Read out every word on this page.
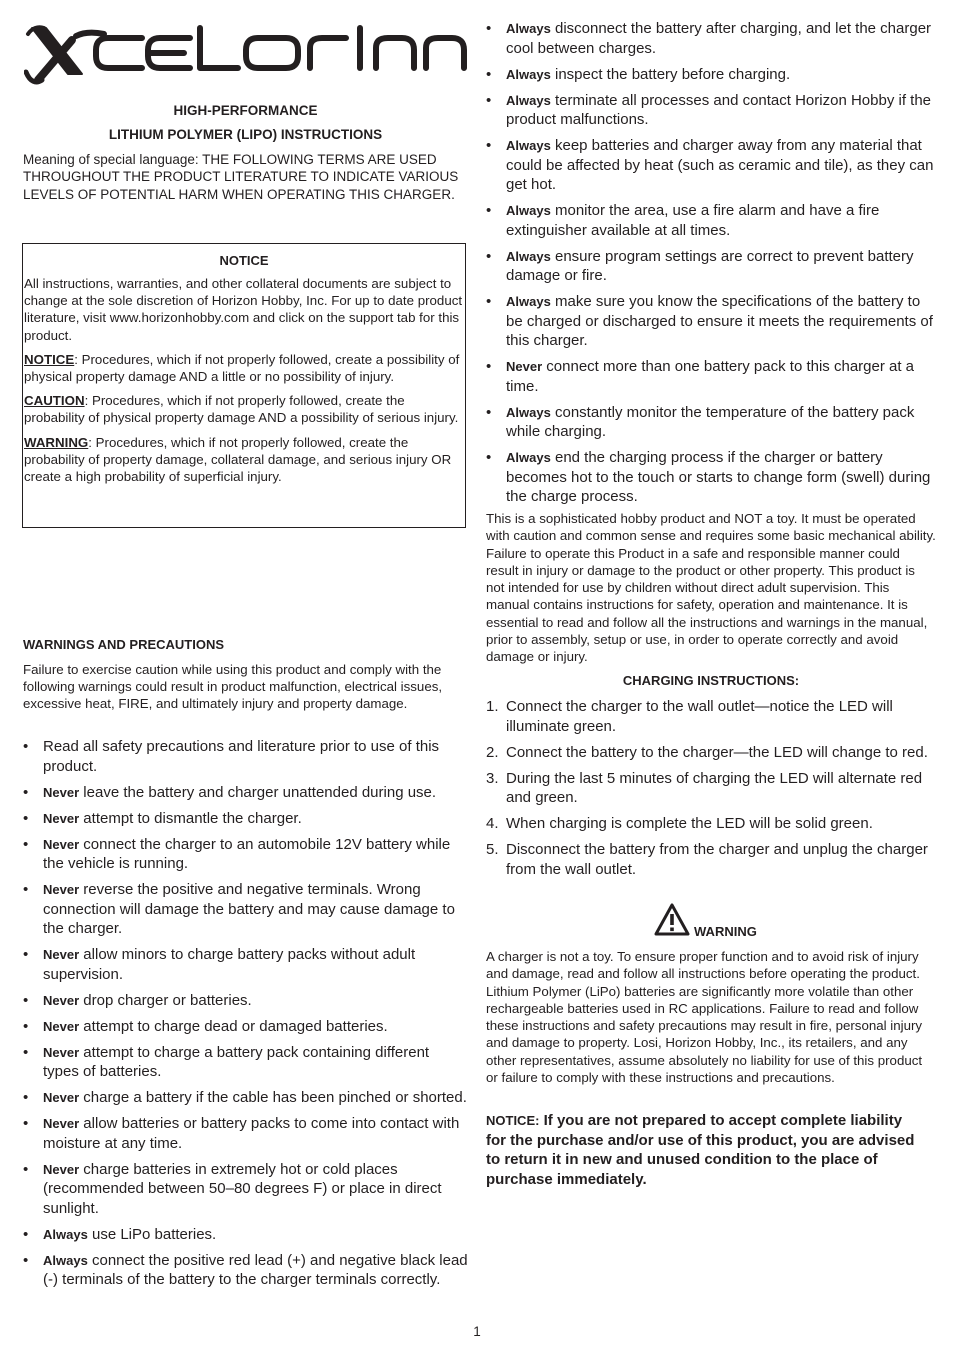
HIGH-PERFORMANCE
LITHIUM POLYMER (LIPO) INSTRUCTIONS

Meaning of special language: THE FOLLOWING TERMS ARE USED THROUGHOUT THE PRODUCT LITERATURE TO INDICATE VARIOUS LEVELS OF POTENTIAL HARM WHEN OPERATING THIS CHARGER.

NOTICE

All instructions, warranties, and other collateral documents are subject to change at the sole discretion of Horizon Hobby, Inc. For up to date product literature, visit www.horizonhobby.com and click on the support tab for this product.

NOTICE: Procedures, which if not properly followed, create a possibility of physical property damage AND a little or no possibility of injury.

CAUTION: Procedures, which if not properly followed, create the probability of physical property damage AND a possibility of serious injury.

WARNING: Procedures, which if not properly followed, create the probability of property damage, collateral damage, and serious injury OR create a high probability of superficial injury.

WARNINGS AND PRECAUTIONS

Failure to exercise caution while using this product and comply with the following warnings could result in product malfunction, electrical issues, excessive heat, FIRE, and ultimately injury and property damage.

• Read all safety precautions and literature prior to use of this product.
• Never leave the battery and charger unattended during use.
• Never attempt to dismantle the charger.
• Never connect the charger to an automobile 12V battery while the vehicle is running.
• Never reverse the positive and negative terminals. Wrong connection will damage the battery and may cause damage to the charger.
• Never allow minors to charge battery packs without adult supervision.
• Never drop charger or batteries.
• Never attempt to charge dead or damaged batteries.
• Never attempt to charge a battery pack containing different types of batteries.
• Never charge a battery if the cable has been pinched or shorted.
• Never allow batteries or battery packs to come into contact with moisture at any time.
• Never charge batteries in extremely hot or cold places (recommended between 50–80 degrees F) or place in direct sunlight.
• Always use LiPo batteries.
• Always connect the positive red lead (+) and negative black lead (-) terminals of the battery to the charger terminals correctly.
• Always disconnect the battery after charging, and let the charger cool between charges.
• Always inspect the battery before charging.
• Always terminate all processes and contact Horizon Hobby if the product malfunctions.
• Always keep batteries and charger away from any material that could be affected by heat (such as ceramic and tile), as they can get hot.
• Always monitor the area, use a fire alarm and have a fire extinguisher available at all times.
• Always ensure program settings are correct to prevent battery damage or fire.
• Always make sure you know the specifications of the battery to be charged or discharged to ensure it meets the requirements of this charger.
• Never connect more than one battery pack to this charger at a time.
• Always constantly monitor the temperature of the battery pack while charging.
• Always end the charging process if the charger or battery becomes hot to the touch or starts to change form (swell) during the charge process.

This is a sophisticated hobby product and NOT a toy. It must be operated with caution and common sense and requires some basic mechanical ability. Failure to operate this Product in a safe and responsible manner could result in injury or damage to the product or other property. This product is not intended for use by children without direct adult supervision. This manual contains instructions for safety, operation and maintenance. It is essential to read and follow all the instructions and warnings in the manual, prior to assembly, setup or use, in order to operate correctly and avoid damage or injury.

CHARGING INSTRUCTIONS:

1. Connect the charger to the wall outlet—notice the LED will illuminate green.
2. Connect the battery to the charger—the LED will change to red.
3. During the last 5 minutes of charging the LED will alternate red and green.
4. When charging is complete the LED will be solid green.
5. Disconnect the battery from the charger and unplug the charger from the wall outlet.
WARNING

A charger is not a toy. To ensure proper function and to avoid risk of injury and damage, read and follow all instructions before operating the product. Lithium Polymer (LiPo) batteries are significantly more volatile than other rechargeable batteries used in RC applications. Failure to read and follow these instructions and safety precautions may result in fire, personal injury and damage to property. Losi, Horizon Hobby, Inc., its retailers, and any other representatives, assume absolutely no liability for use of this product or failure to comply with these instructions and precautions.

NOTICE: If you are not prepared to accept complete liability for the purchase and/or use of this product, you are advised to return it in new and unused condition to the place of purchase immediately.

1
